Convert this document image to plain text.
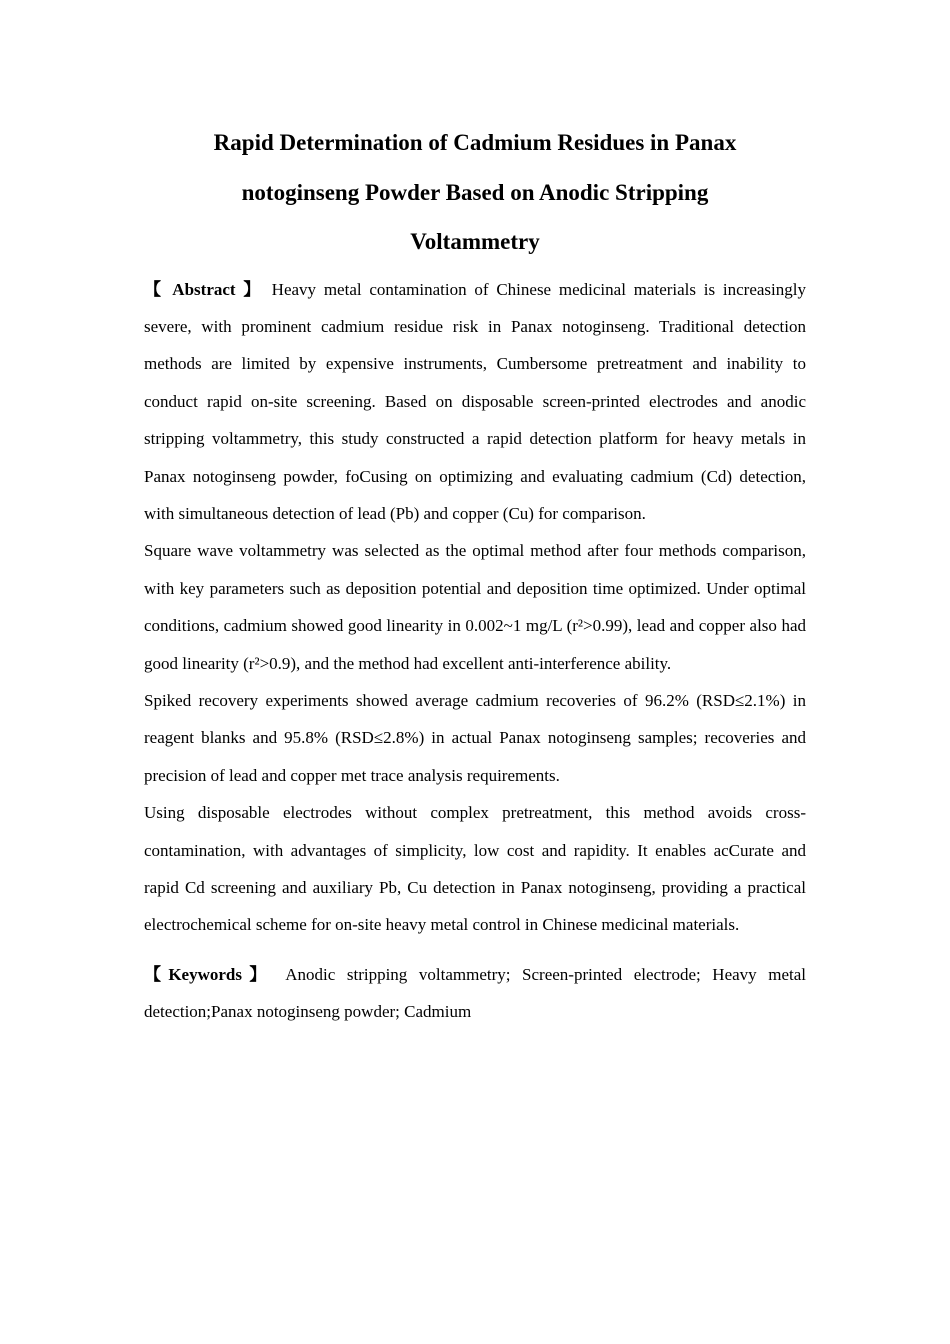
Rapid Determination of Cadmium Residues in Panax
notoginseng Powder Based on Anodic Stripping
Voltammetry

【 Abstract 】 Heavy metal contamination of Chinese medicinal materials is increasingly severe, with prominent cadmium residue risk in Panax notoginseng. Traditional detection methods are limited by expensive instruments, Cumbersome pretreatment and inability to conduct rapid on-site screening. Based on disposable screen-printed electrodes and anodic stripping voltammetry, this study constructed a rapid detection platform for heavy metals in Panax notoginseng powder, foCusing on optimizing and evaluating cadmium (Cd) detection, with simultaneous detection of lead (Pb) and copper (Cu) for comparison.

Square wave voltammetry was selected as the optimal method after four methods comparison, with key parameters such as deposition potential and deposition time optimized. Under optimal conditions, cadmium showed good linearity in 0.002~1 mg/L (r²>0.99), lead and copper also had good linearity (r²>0.9), and the method had excellent anti-interference ability.

Spiked recovery experiments showed average cadmium recoveries of 96.2% (RSD≤2.1%) in reagent blanks and 95.8% (RSD≤2.8%) in actual Panax notoginseng samples; recoveries and precision of lead and copper met trace analysis requirements.

Using disposable electrodes without complex pretreatment, this method avoids cross-contamination, with advantages of simplicity, low cost and rapidity. It enables acCurate and rapid Cd screening and auxiliary Pb, Cu detection in Panax notoginseng, providing a practical electrochemical scheme for on-site heavy metal control in Chinese medicinal materials.

【Keywords】 Anodic stripping voltammetry; Screen-printed electrode; Heavy metal detection;Panax notoginseng powder; Cadmium
